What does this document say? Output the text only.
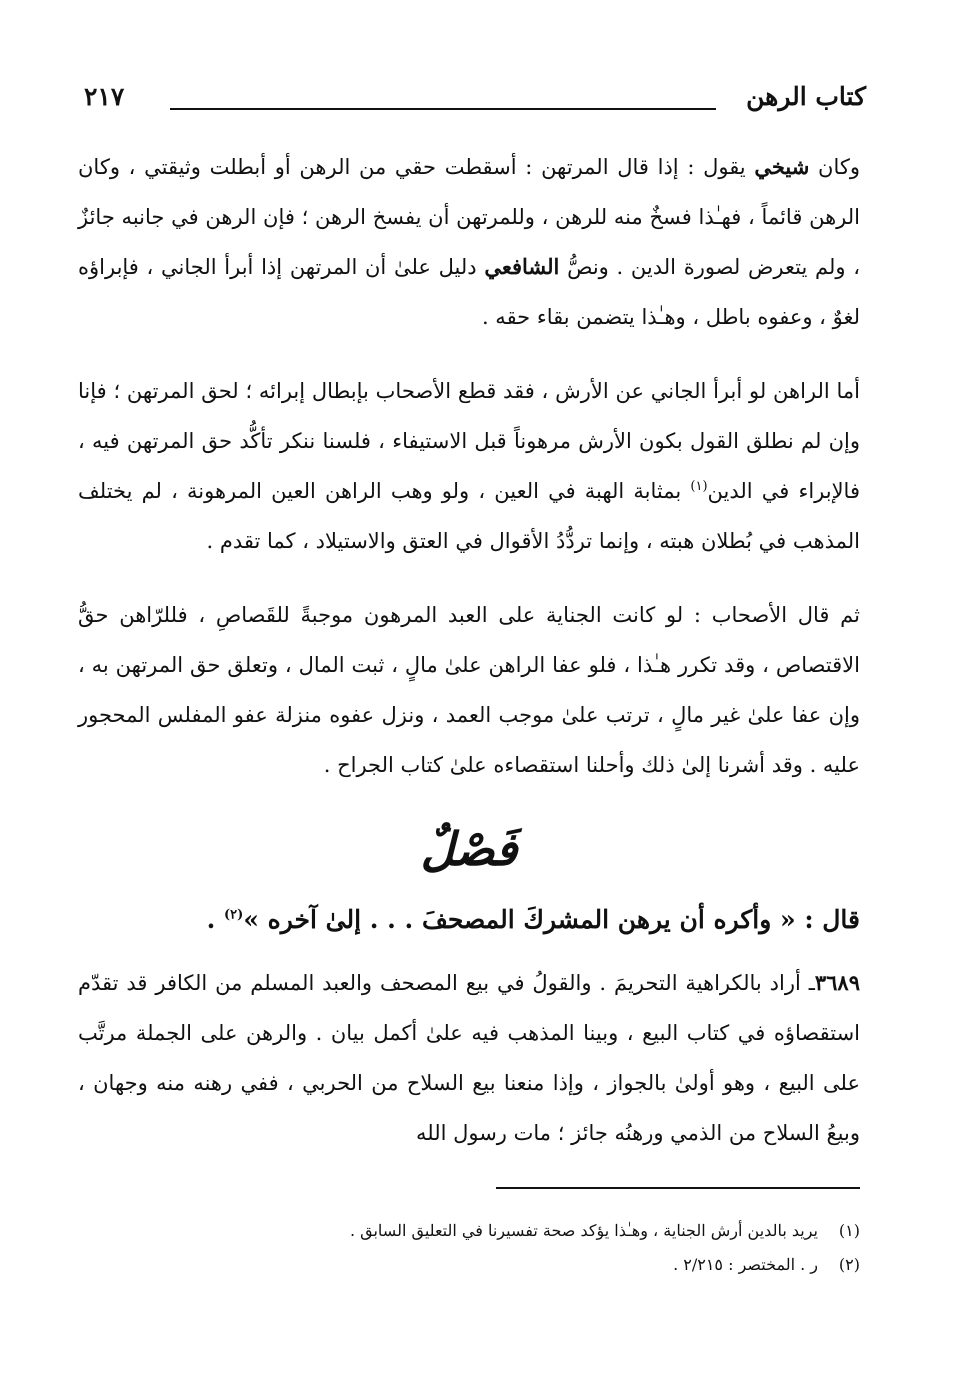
كتاب الرهن
٢١٧

وكان شيخي يقول : إذا قال المرتهن : أسقطت حقي من الرهن أو أبطلت وثيقتي ، وكان الرهن قائماً ، فهـٰذا فسخٌ منه للرهن ، وللمرتهن أن يفسخ الرهن ؛ فإن الرهن في جانبه جائزٌ ، ولم يتعرض لصورة الدين . ونصُّ الشافعي دليل علىٰ أن المرتهن إذا أبرأ الجاني ، فإبراؤه لغوٌ ، وعفوه باطل ، وهـٰذا يتضمن بقاء حقه .

أما الراهن لو أبرأ الجاني عن الأرش ، فقد قطع الأصحاب بإبطال إبرائه ؛ لحق المرتهن ؛ فإنا وإن لم نطلق القول بكون الأرش مرهوناً قبل الاستيفاء ، فلسنا ننكر تأكُّد حق المرتهن فيه ، فالإبراء في الدين$^{(١)}$ بمثابة الهبة في العين ، ولو وهب الراهن العين المرهونة ، لم يختلف المذهب في بُطلان هبته ، وإنما تردُّدُ الأقوال في العتق والاستيلاد ، كما تقدم .

ثم قال الأصحاب : لو كانت الجناية على العبد المرهون موجبةً للقَصاصِ ، فللرّاهن حقُّ الاقتصاص ، وقد تكرر هـٰذا ، فلو عفا الراهن علىٰ مالٍ ، ثبت المال ، وتعلق حق المرتهن به ، وإن عفا علىٰ غير مالٍ ، ترتب علىٰ موجب العمد ، ونزل عفوه منزلة عفو المفلس المحجور عليه . وقد أشرنا إلىٰ ذلك وأحلنا استقصاءه علىٰ كتاب الجراح .

فَصْلٌ
قال : « وأكره أن يرهن المشركَ المصحفَ . . . إلىٰ آخره »$^{(٢)}$ .

٣٦٨٩ـ أراد بالكراهية التحريمَ . والقولُ في بيع المصحف والعبد المسلم من الكافر قد تقدّم استقصاؤه في كتاب البيع ، وبينا المذهب فيه علىٰ أكمل بيان . والرهن على الجملة مرتَّب على البيع ، وهو أولىٰ بالجواز ، وإذا منعنا بيع السلاح من الحربي ، ففي رهنه منه وجهان ، وبيعُ السلاح من الذمي ورهنُه جائز ؛ مات رسول الله

(١)يريد بالدين أرش الجناية ، وهـٰذا يؤكد صحة تفسيرنا في التعليق السابق .

(٢)ر . المختصر : ٢/٢١٥ .
